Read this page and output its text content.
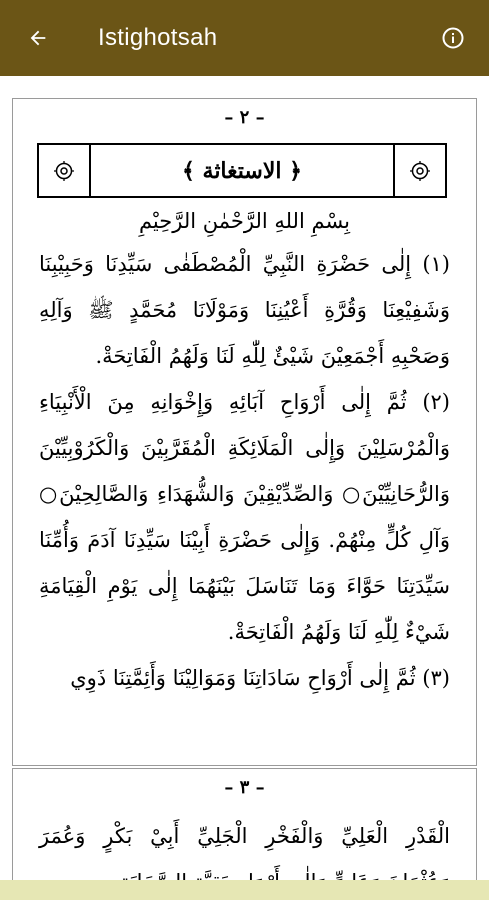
Istighotsah
– ٢ –
﴿ الاستغاثة ﴾
بِسْمِ اللهِ الرَّحْمٰنِ الرَّحِيْمِ

(١) إِلٰى حَضْرَةِ النَّبِيِّ الْمُصْطَفٰى سَيِّدِنَا وَحَبِيْبِنَا وَشَفِيْعِنَا وَقُرَّةِ أَعْيُنِنَا وَمَوْلَانَا مُحَمَّدٍ ﷺ وَآلِهِ وَصَحْبِهِ أَجْمَعِيْنَ شَيْئٌ لِلّٰهِ لَنَا وَلَهُمُ الْفَاتِحَةْ.

(٢) ثُمَّ إِلٰى أَرْوَاحِ آبَائِهِ وَإِخْوَانِهِ مِنَ الْأَنْبِيَاءِ وَالْمُرْسَلِيْنَ وَإِلٰى الْمَلَائِكَةِ الْمُقَرَّبِيْنَ وَالْكَرُوْبِيِّيْنَ وَالرُّحَانِيِّيْنَ○ وَالصِّدِّيْقِيْنَ وَالشُّهَدَاءِ وَالصَّالِحِيْنَ○ وَآلِ كُلٍّ مِنْهُمْ. وَإِلٰى حَضْرَةِ أَبِيْنَا سَيِّدِنَا آدَمَ وَأُمِّنَا سَيِّدَتِنَا حَوَّاءَ وَمَا تَنَاسَلَ بَيْنَهُمَا إِلٰى يَوْمِ الْقِيَامَةِ شَيْءٌ لِلّٰهِ لَنَا وَلَهُمُ الْفَاتِحَةْ.

(٣) ثُمَّ إِلٰى أَرْوَاحِ سَادَاتِنَا وَمَوَالِيْنَا وَأَئِمَّتِنَا ذَوِي

– ٣ –

الْقَدْرِ الْعَلِيِّ وَالْفَخْرِ الْجَلِيِّ أَبِيْ بَكْرٍ وَعُمَرَ
